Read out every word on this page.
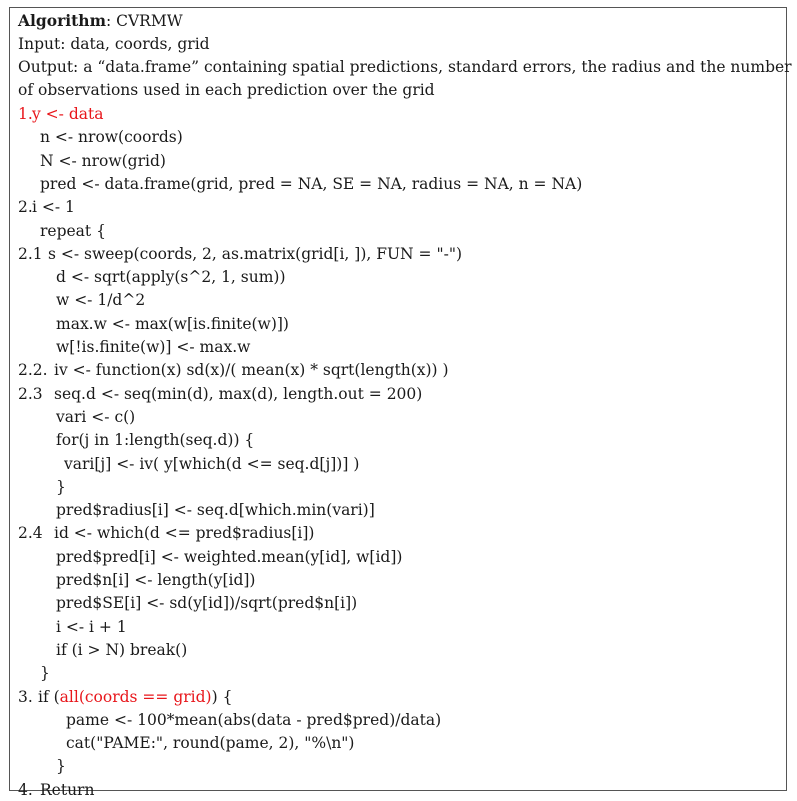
Algorithm: CVRMW
Input: data, coords, grid
Output: a “data.frame” containing spatial predictions, standard errors, the radius and the number
of observations used in each prediction over the grid
1. y <- data
n <- nrow(coords)
N <- nrow(grid)
pred <- data.frame(grid, pred = NA, SE = NA, radius = NA, n = NA)
2. i <- 1
repeat {
2.1 s <- sweep(coords, 2, as.matrix(grid[i, ]), FUN = "-")
d <- sqrt(apply(s^2, 1, sum))
w <- 1/d^2
max.w <- max(w[is.finite(w)])
w[!is.finite(w)] <- max.w
2.2. iv <- function(x) sd(x)/( mean(x) * sqrt(length(x)) )
2.3 seq.d <- seq(min(d), max(d), length.out = 200)
vari <- c()
for(j in 1:length(seq.d)) {
vari[j] <- iv( y[which(d <= seq.d[j])] )
}
pred$radius[i] <- seq.d[which.min(vari)]
2.4 id <- which(d <= pred$radius[i])
pred$pred[i] <- weighted.mean(y[id], w[id])
pred$n[i] <- length(y[id])
pred$SE[i] <- sd(y[id])/sqrt(pred$n[i])
i <- i + 1
if (i > N) break()
}
3. if (all(coords == grid)) {
pame <- 100*mean(abs(data - pred$pred)/data)
cat("PAME:", round(pame, 2), "%\n")
}
4. Return
